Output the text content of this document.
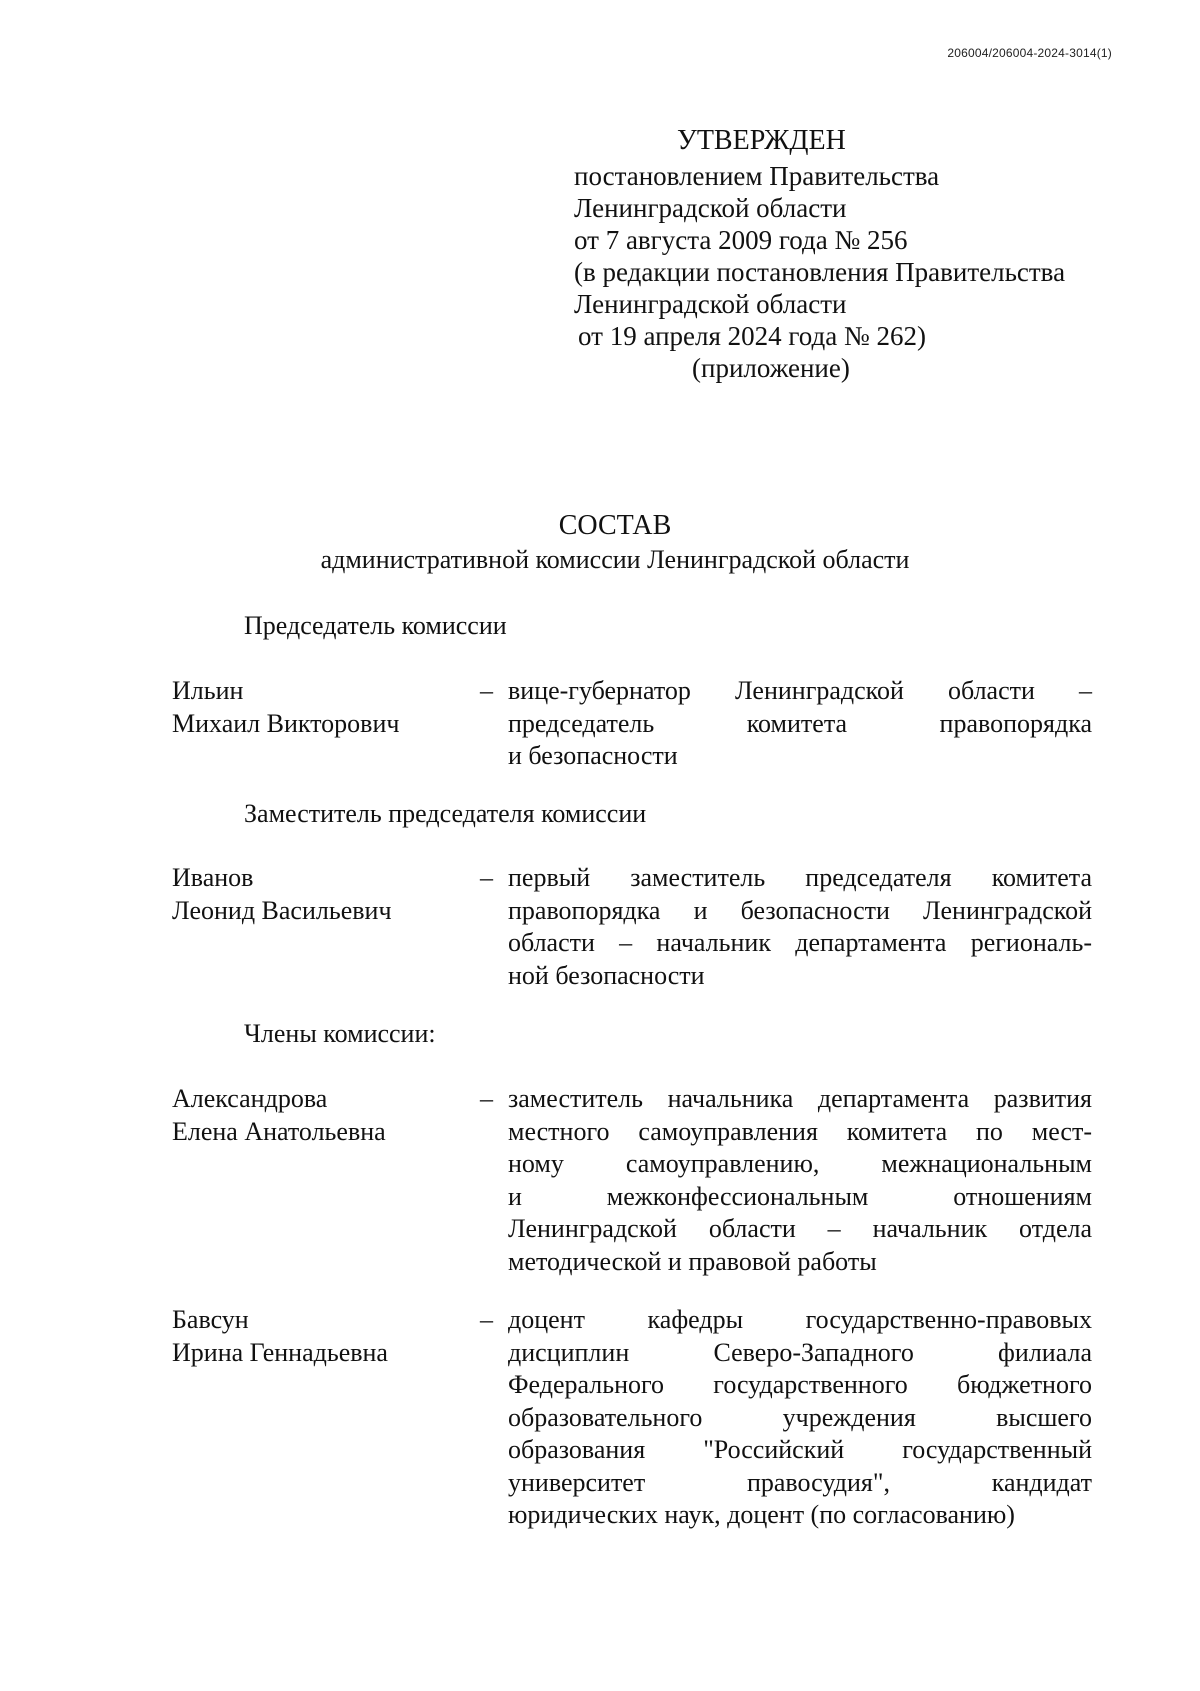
206004/206004-2024-3014(1)
УТВЕРЖДЕН
постановлением Правительства
Ленинградской области
от 7 августа 2009 года № 256
(в редакции постановления Правительства
Ленинградской области
от 19 апреля 2024 года № 262)
(приложение)
СОСТАВ
административной комиссии Ленинградской области
Председатель комиссии
Ильин
Михаил Викторович
– вице-губернатор Ленинградской области –
председатель комитета правопорядка
и безопасности
Заместитель председателя комиссии
Иванов
Леонид Васильевич
– первый заместитель председателя комитета
правопорядка и безопасности Ленинградской
области – начальник департамента региональ-
ной безопасности
Члены комиссии:
Александрова
Елена Анатольевна
– заместитель начальника департамента развития
местного самоуправления комитета по мест-
ному самоуправлению, межнациональным
и межконфессиональным отношениям
Ленинградской области – начальник отдела
методической и правовой работы
Бавсун
Ирина Геннадьевна
– доцент кафедры государственно-правовых
дисциплин Северо-Западного филиала
Федерального государственного бюджетного
образовательного учреждения высшего
образования "Российский государственный
университет правосудия", кандидат
юридических наук, доцент (по согласованию)
